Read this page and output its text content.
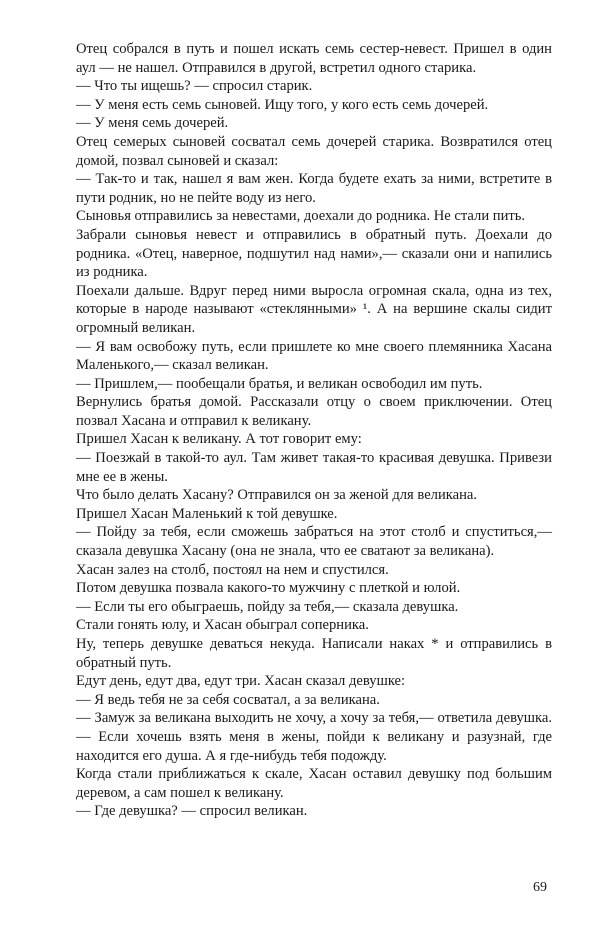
Отец собрался в путь и пошел искать семь сестер-невест. Пришел в один аул — не нашел. Отправился в другой, встретил одного старика.

— Что ты ищешь? — спросил старик.

— У меня есть семь сыновей. Ищу того, у кого есть семь дочерей.

— У меня семь дочерей.

Отец семерых сыновей сосватал семь дочерей старика. Возвратился отец домой, позвал сыновей и сказал:

— Так-то и так, нашел я вам жен. Когда будете ехать за ними, встретите в пути родник, но не пейте воду из него.

Сыновья отправились за невестами, доехали до родника. Не стали пить.

Забрали сыновья невест и отправились в обратный путь. Доехали до родника. «Отец, наверное, подшутил над нами»,— сказали они и напились из родника.

Поехали дальше. Вдруг перед ними выросла огромная скала, одна из тех, которые в народе называют «стеклянными» ¹. А на вершине скалы сидит огромный великан.

— Я вам освобожу путь, если пришлете ко мне своего племянника Хасана Маленького,— сказал великан.

— Пришлем,— пообещали братья, и великан освободил им путь.

Вернулись братья домой. Рассказали отцу о своем приключении. Отец позвал Хасана и отправил к великану.

Пришел Хасан к великану. А тот говорит ему:

— Поезжай в такой-то аул. Там живет такая-то красивая девушка. Привези мне ее в жены.

Что было делать Хасану? Отправился он за женой для великана.

Пришел Хасан Маленький к той девушке.

— Пойду за тебя, если сможешь забраться на этот столб и спуститься,— сказала девушка Хасану (она не знала, что ее сватают за великана).

Хасан залез на столб, постоял на нем и спустился.

Потом девушка позвала какого-то мужчину с плеткой и юлой.

— Если ты его обыграешь, пойду за тебя,— сказала девушка.

Стали гонять юлу, и Хасан обыграл соперника.

Ну, теперь девушке деваться некуда. Написали наках * и отправились в обратный путь.

Едут день, едут два, едут три. Хасан сказал девушке:

— Я ведь тебя не за себя сосватал, а за великана.

— Замуж за великана выходить не хочу, а хочу за тебя,— ответила девушка.— Если хочешь взять меня в жены, пойди к великану и разузнай, где находится его душа. А я где-нибудь тебя подожду.

Когда стали приближаться к скале, Хасан оставил девушку под большим деревом, а сам пошел к великану.

— Где девушка? — спросил великан.

69
